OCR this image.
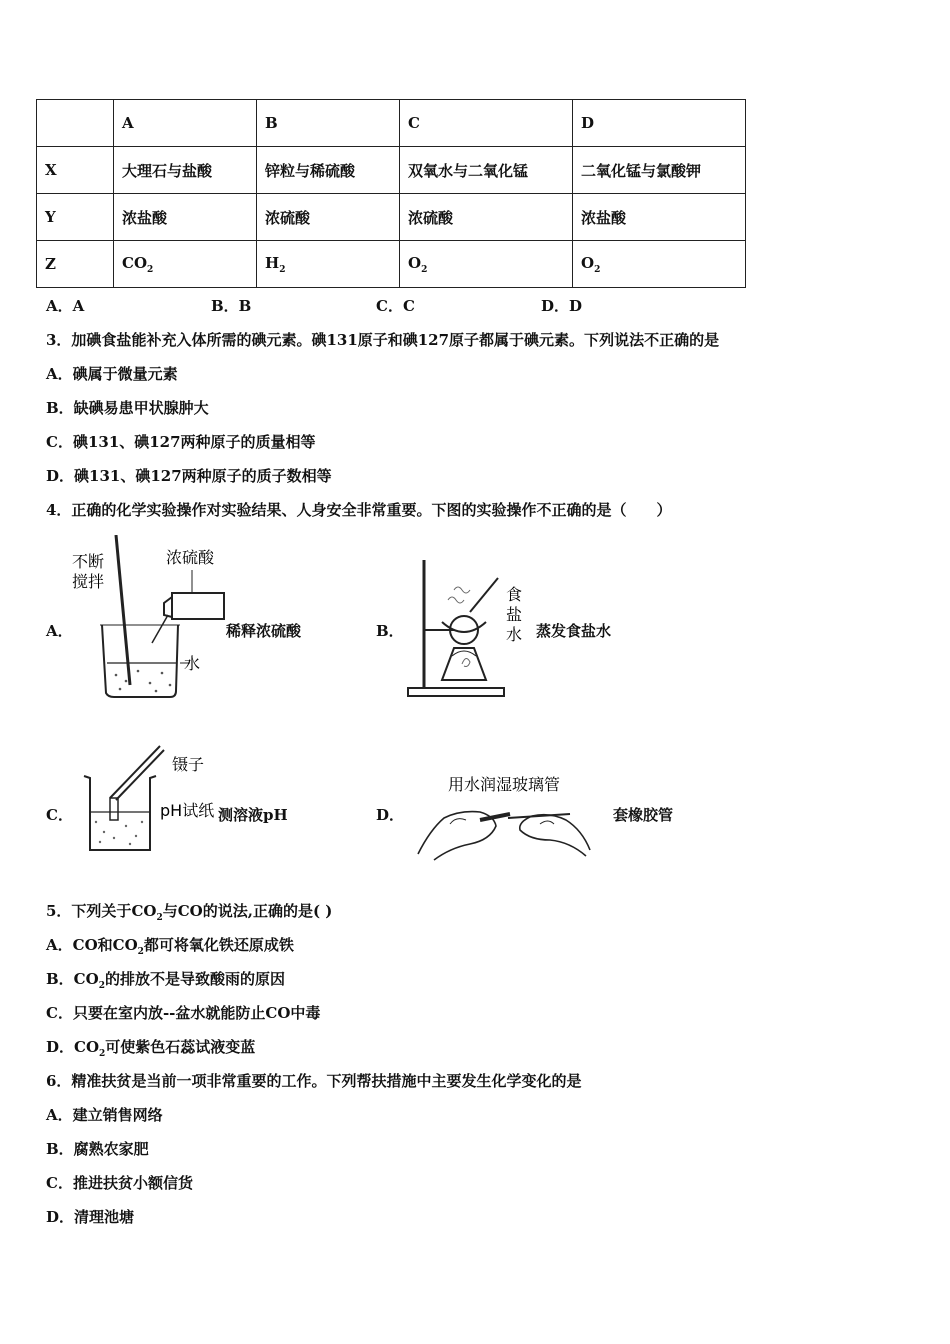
	A	B	C	D
X	大理石与盐酸	锌粒与稀硫酸	双氧水与二氧化锰	二氧化锰与氯酸钾
Y	浓盐酸	浓硫酸	浓硫酸	浓盐酸
Z	$CO_2$	$H_2$	$O_2$	$O_2$
A．A	B．B	C．C	D．D
3．加碘食盐能补充入体所需的碘元素。碘131原子和碘127原子都属于碘元素。下列说法不正确的是
A．碘属于微量元素
B．缺碘易患甲状腺肿大
C．碘131、碘127两种原子的质量相等
D．碘131、碘127两种原子的质子数相等
4．正确的化学实验操作对实验结果、人身安全非常重要。下图的实验操作不正确的是（　　）
A．
不断
搅拌
浓硫酸
水
稀释浓硫酸	B．
食
盐
水 蒸发食盐水
C．
镊子
pH试纸 测溶液pH	D．
用水润湿玻璃管
套橡胶管
5．下列关于$CO_2$与CO的说法,正确的是( )
A．CO和$CO_2$都可将氧化铁还原成铁
B．$CO_2$的排放不是导致酸雨的原因
C．只要在室内放--盆水就能防止CO中毒
D．$CO_2$可使紫色石蕊试液变蓝
6．精准扶贫是当前一项非常重要的工作。下列帮扶措施中主要发生化学变化的是
A．建立销售网络
B．腐熟农家肥
C．推进扶贫小额信货
D．清理池塘
